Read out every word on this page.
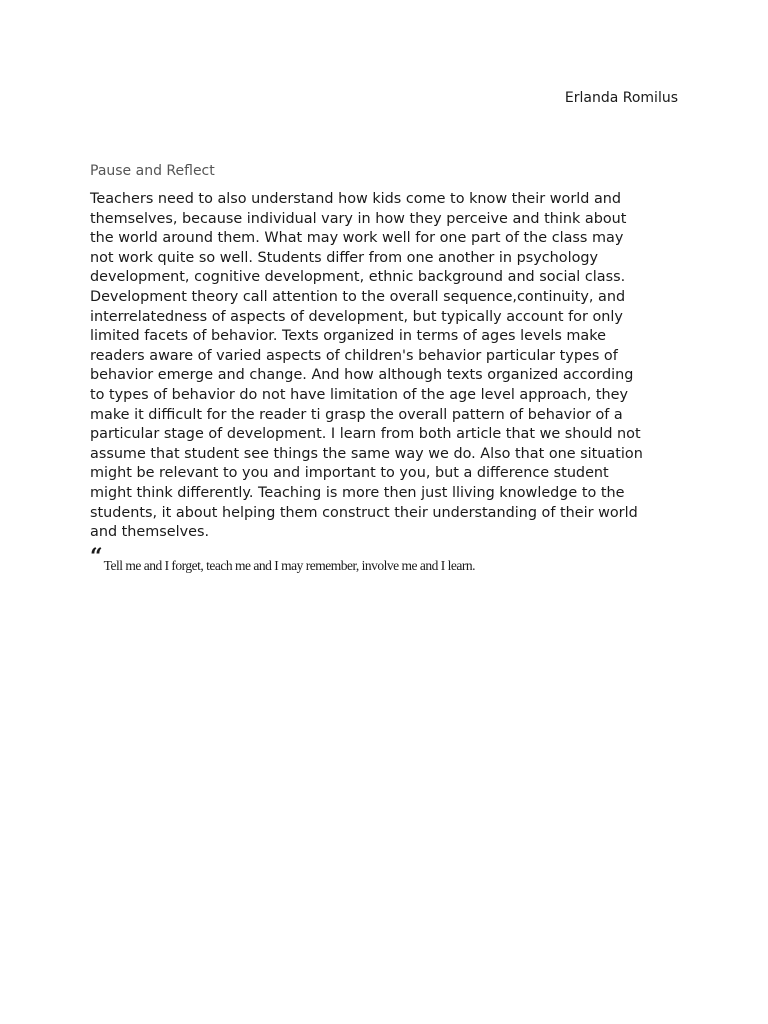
Erlanda Romilus
Pause and Reflect

Teachers need to also understand how kids come to know their world and
themselves, because individual vary in how they perceive and think about
the world around them. What may work well for one part of the class may
not work quite so well. Students differ from one another in psychology
development, cognitive development, ethnic background and social class.
Development theory call attention to the overall sequence,continuity, and
interrelatedness of aspects of development, but typically account for only
limited facets of behavior. Texts organized in terms of ages levels make
readers aware of varied aspects of children's behavior particular types of
behavior emerge and change. And how although texts organized according
to types of behavior do not have limitation of the age level approach, they
make it difficult for the reader ti grasp the overall pattern of behavior of a
particular stage of development. I learn from both article that we should not
assume that student see things the same way we do. Also that one situation
might be relevant to you and important to you, but a difference student
might think differently. Teaching is more then just lliving knowledge to the
students, it about helping them construct their understanding of their world
and themselves.

“Tell me and I forget, teach me and I may remember, involve me and I learn.
